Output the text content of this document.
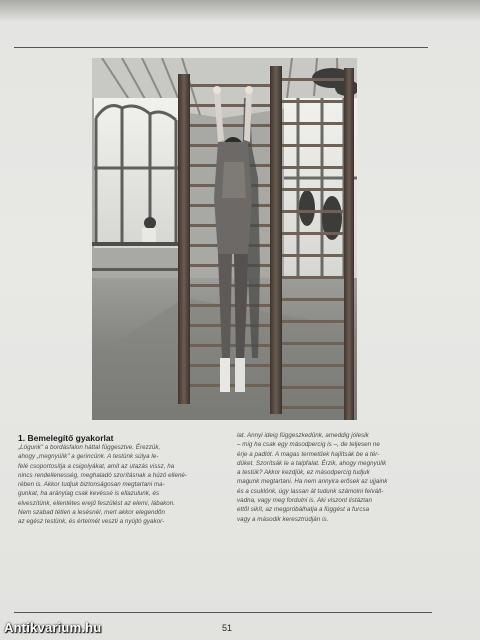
1. Bemelegítő gyakorlat
„Lógunk" a bordásfalon háttal függesztve. Érezzük,
ahogy „megnyúlik" a gerincünk. A testünk súlya le-
felé csoportosítja a csigolyákat, amit az utazás vissz, ha
nincs rendellenesség, meghaladó szorításnak a húzó ellené-
rében is. Akkor tudjuk biztonságosan megtartani ma-
gunkat, ha aránylag csak kevéssé is ellazulunk, és
elveszítünk, ellentétes erejű feszülést az elemi, lábakon.
Nem szabad tétlen a lesésnél, mert akkor elegendőn
az egész testünk, és értelmét veszti a nyújtó gyakor-
lat. Annyi ideig függeszkedünk, ameddig jólesik
– mig ha csak egy másodpercig is –, de teljesen ne
érje a padlót. A magas termetűek hajlítsák be a tér-
düket. Szorítsák le a talpfalat. Érzik, ahogy megnyúlik
a testük? Akkor kezdjük, ez másodpercig tudjuk
magunk megtartani. Ha nem annyira erősek az ujjaink
és a csuklónk, úgy lassan át tudunk számolni felvált-
vadna, vagy meg fordulni is. Aki viszont listáztan
ettől sikít, az megpróbálhatja a függést a furcsa
vagy a második keresztrúdján is.
51
Antikvarium.hu
